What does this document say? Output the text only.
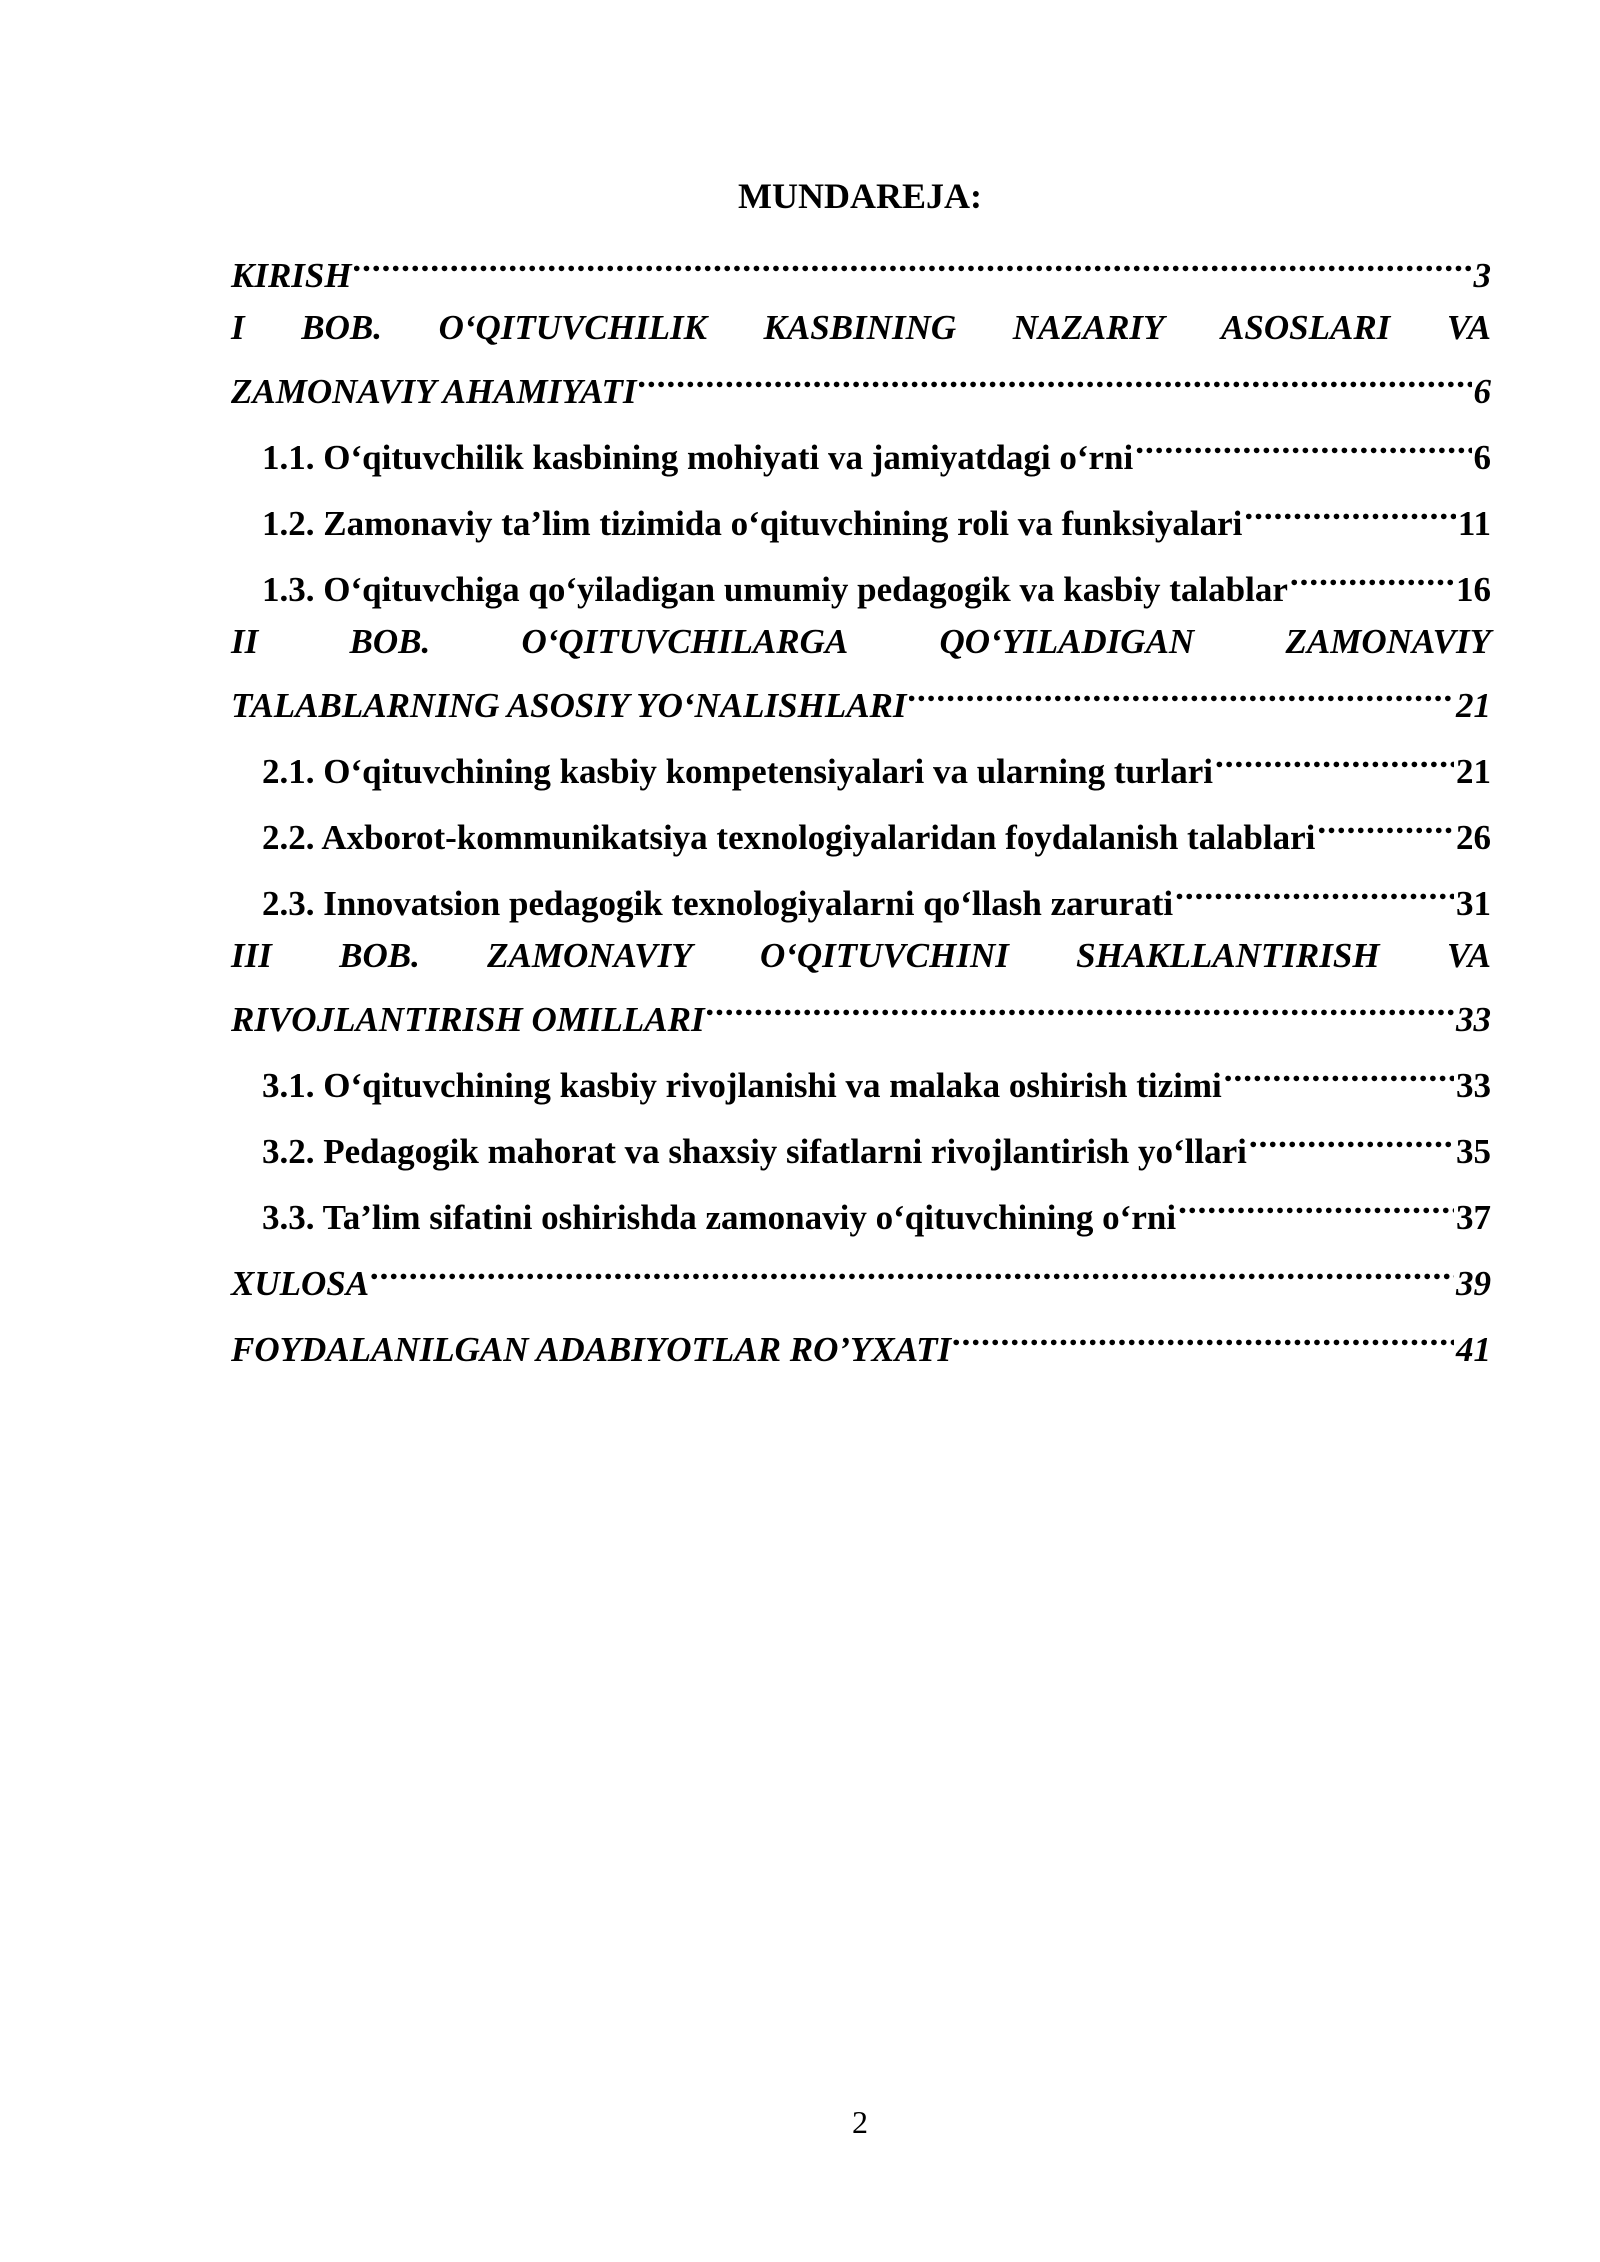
MUNDAREJA:
KIRISH .....	3
I BOB. O‘QITUVCHILIK KASBINING NAZARIY ASOSLARI VA
ZAMONAVIY AHAMIYATI .....	6
1.1. O‘qituvchilik kasbining mohiyati va jamiyatdagi o‘rni .....	6
1.2. Zamonaviy ta’lim tizimida o‘qituvchining roli va funksiyalari .....	11
1.3. O‘qituvchiga qo‘yiladigan umumiy pedagogik va kasbiy talablar .....	16
II	BOB.	O‘QITUVCHILARGA	QO‘YILADIGAN	ZAMONAVIY
TALABLARNING ASOSIY YO‘NALISHLARI .....	21
2.1. O‘qituvchining kasbiy kompetensiyalari va ularning turlari .....	21
2.2. Axborot-kommunikatsiya texnologiyalaridan foydalanish talablari .....	26
2.3. Innovatsion pedagogik texnologiyalarni qo‘llash zarurati .....	31
III BOB. ZAMONAVIY O‘QITUVCHINI SHAKLLANTIRISH VA
RIVOJLANTIRISH OMILLARI .....	33
3.1. O‘qituvchining kasbiy rivojlanishi va malaka oshirish tizimi .....	33
3.2. Pedagogik mahorat va shaxsiy sifatlarni rivojlantirish yo‘llari .....	35
3.3. Ta’lim sifatini oshirishda zamonaviy o‘qituvchining o‘rni .....	37
XULOSA .....	39
FOYDALANILGAN ADABIYOTLAR RO’YXATI .....	41
2
